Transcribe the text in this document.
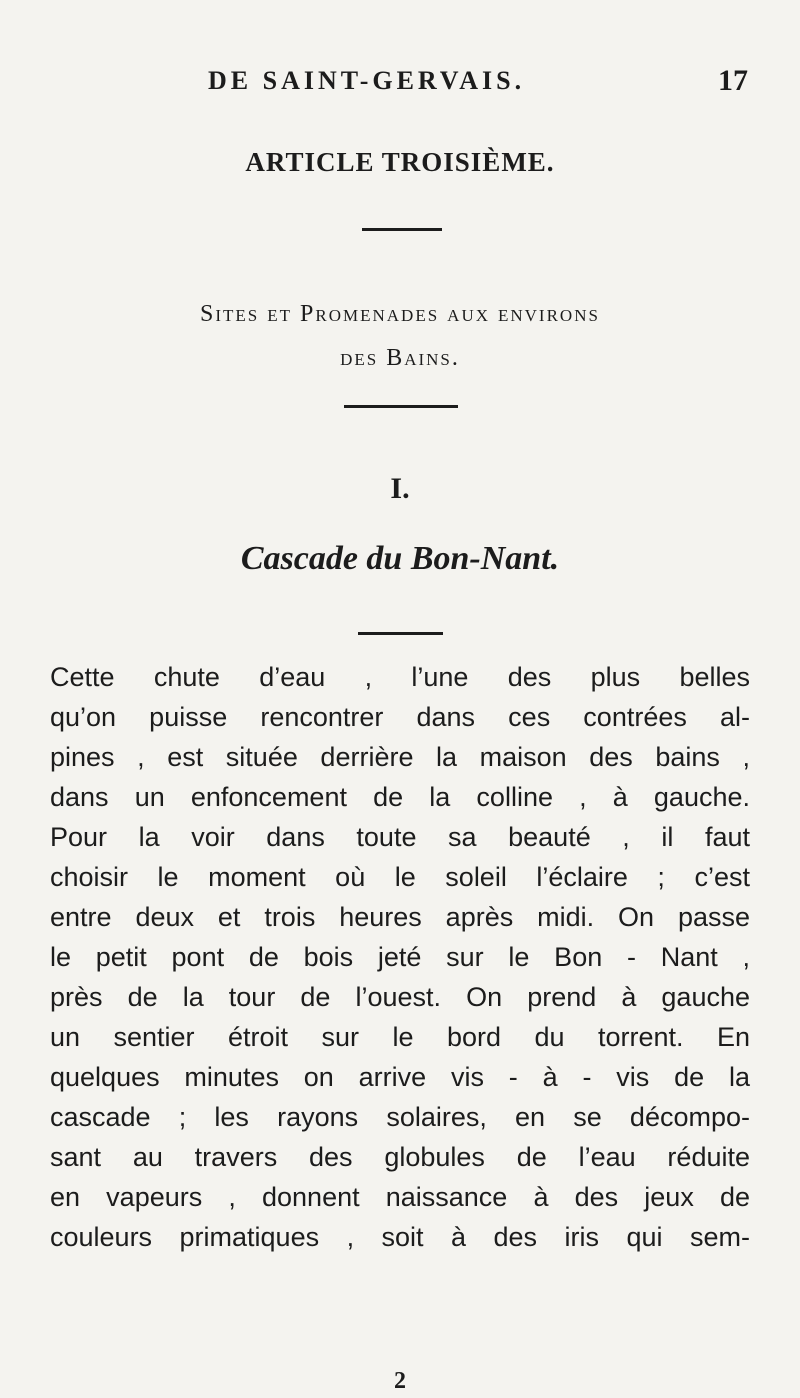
DE SAINT-GERVAIS.	17
ARTICLE TROISIÈME.
Sites et Promenades aux environs
des Bains.
I.
Cascade du Bon-Nant.

Cette chute d’eau , l’une des plus belles

qu’on puisse rencontrer dans ces contrées al-

pines , est située derrière la maison des bains ,

dans un enfoncement de la colline , à gauche.

Pour la voir dans toute sa beauté , il faut

choisir le moment où le soleil l’éclaire ; c’est

entre deux et trois heures après midi. On passe

le petit pont de bois jeté sur le Bon - Nant ,

près de la tour de l’ouest. On prend à gauche

un sentier étroit sur le bord du torrent. En

quelques minutes on arrive vis - à - vis de la

cascade ; les rayons solaires, en se décompo-

sant au travers des globules de l’eau réduite

en vapeurs , donnent naissance à des jeux de

couleurs primatiques , soit à des iris qui sem-

2
